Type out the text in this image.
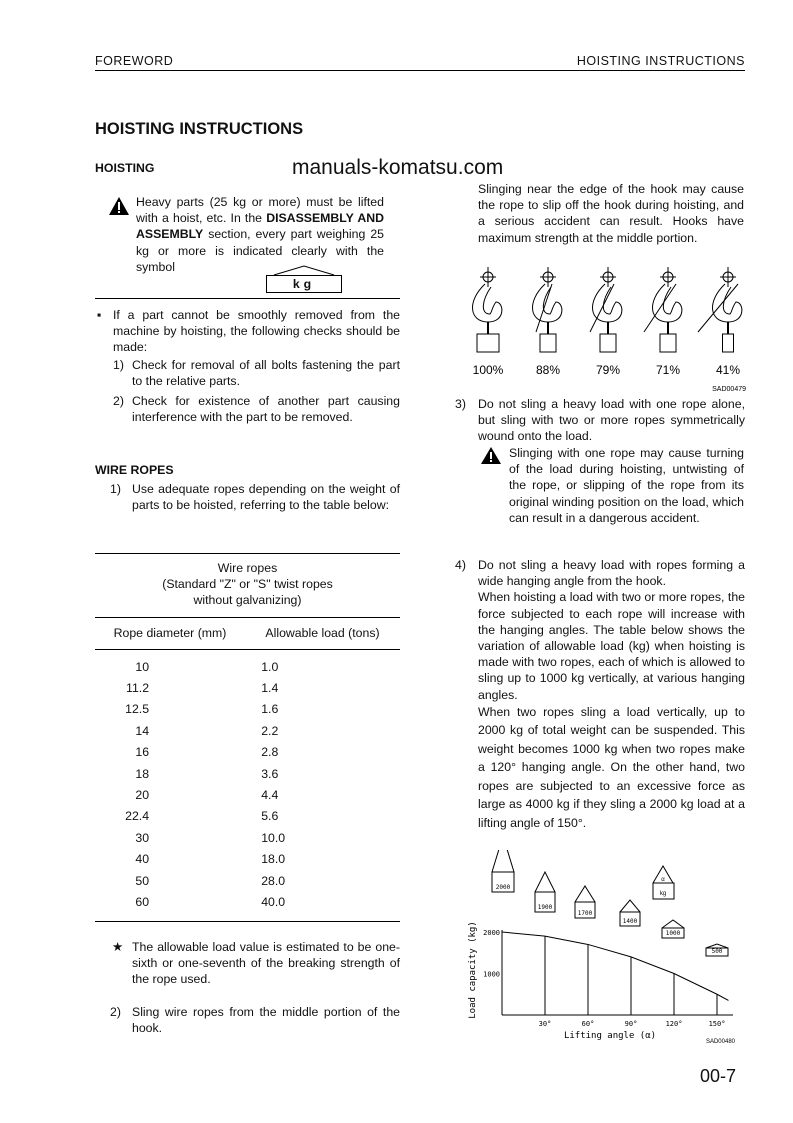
FOREWORD	HOISTING INSTRUCTIONS
HOISTING INSTRUCTIONS
manuals-komatsu.com
HOISTING
Heavy parts (25 kg or more) must be lifted with a hoist, etc. In the DISASSEMBLY AND ASSEMBLY section, every part weighing 25 kg or more is indicated clearly with the symbol
kg
▪ If a part cannot be smoothly removed from the machine by hoisting, the following checks should be made:
1) Check for removal of all bolts fastening the part to the relative parts.
2) Check for existence of another part causing interference with the part to be removed.
WIRE ROPES
1) Use adequate ropes depending on the weight of parts to be hoisted, referring to the table below:
Wire ropes
(Standard "Z" or "S" twist ropes
without galvanizing)
Rope diameter (mm)	Allowable load (tons)
10		1.0
11.2		1.4
12.5		1.6
14		2.2
16		2.8
18		3.6
20		4.4
22.4		5.6
30		10.0
40		18.0
50		28.0
60		40.0
★ The allowable load value is estimated to be one-sixth or one-seventh of the breaking strength of the rope used.
2) Sling wire ropes from the middle portion of the hook.
Slinging near the edge of the hook may cause the rope to slip off the hook during hoisting, and a serious accident can result. Hooks have maximum strength at the middle portion.
100%	88%	79%	71%	41%
SAD00479
3) Do not sling a heavy load with one rope alone, but sling with two or more ropes symmetrically wound onto the load.
Slinging with one rope may cause turning of the load during hoisting, untwisting of the rope, or slipping of the rope from its original winding position on the load, which can result in a dangerous accident.
4) Do not sling a heavy load with ropes forming a wide hanging angle from the hook.
When hoisting a load with two or more ropes, the force subjected to each rope will increase with the hanging angles. The table below shows the variation of allowable load (kg) when hoisting is made with two ropes, each of which is allowed to sling up to 1000 kg vertically, at various hanging angles.
When two ropes sling a load vertically, up to 2000 kg of total weight can be suspended. This weight becomes 1000 kg when two ropes make a 120° hanging angle. On the other hand, two ropes are subjected to an excessive force as large as 4000 kg if they sling a 2000 kg load at a lifting angle of 150°.
30°	60°	90°	120°	150°
1000
2000
Lifting angle (α)
Load capacity (kg)
SAD00480
2000
1900
1700
1400
1000
500
α
kg
00-7
